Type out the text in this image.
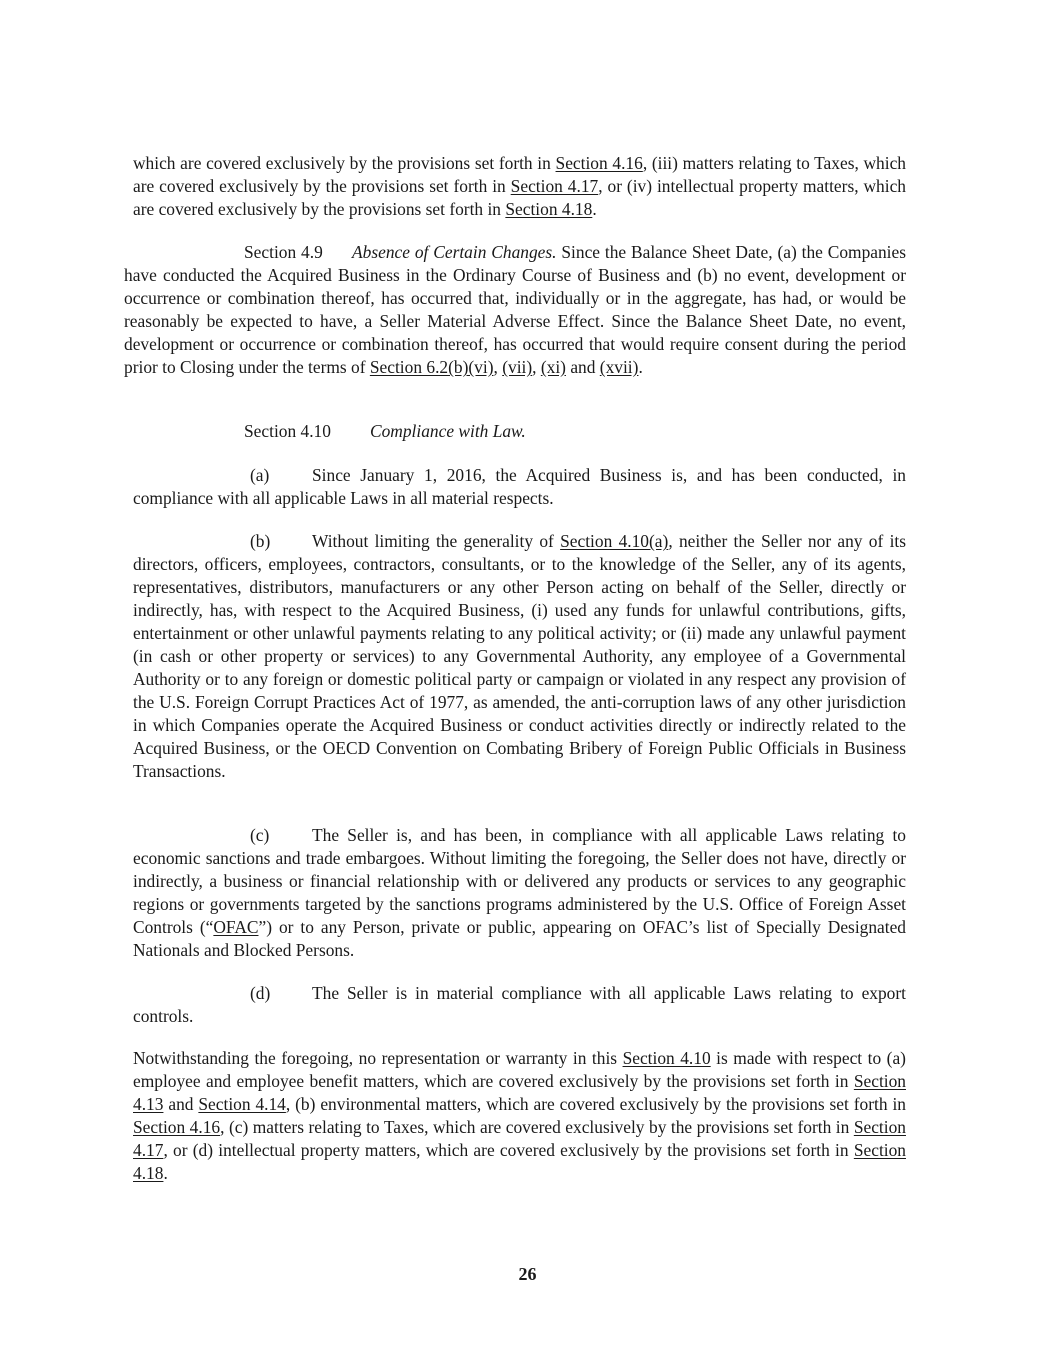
which are covered exclusively by the provisions set forth in Section 4.16, (iii) matters relating to Taxes, which are covered exclusively by the provisions set forth in Section 4.17, or (iv) intellectual property matters, which are covered exclusively by the provisions set forth in Section 4.18.

Section 4.9 Absence of Certain Changes. Since the Balance Sheet Date, (a) the Companies have conducted the Acquired Business in the Ordinary Course of Business and (b) no event, development or occurrence or combination thereof, has occurred that, individually or in the aggregate, has had, or would be reasonably be expected to have, a Seller Material Adverse Effect. Since the Balance Sheet Date, no event, development or occurrence or combination thereof, has occurred that would require consent during the period prior to Closing under the terms of Section 6.2(b)(vi), (vii), (xi) and (xvii).

Section 4.10 Compliance with Law.

(a) Since January 1, 2016, the Acquired Business is, and has been conducted, in compliance with all applicable Laws in all material respects.

(b) Without limiting the generality of Section 4.10(a), neither the Seller nor any of its directors, officers, employees, contractors, consultants, or to the knowledge of the Seller, any of its agents, representatives, distributors, manufacturers or any other Person acting on behalf of the Seller, directly or indirectly, has, with respect to the Acquired Business, (i) used any funds for unlawful contributions, gifts, entertainment or other unlawful payments relating to any political activity; or (ii) made any unlawful payment (in cash or other property or services) to any Governmental Authority, any employee of a Governmental Authority or to any foreign or domestic political party or campaign or violated in any respect any provision of the U.S. Foreign Corrupt Practices Act of 1977, as amended, the anti-corruption laws of any other jurisdiction in which Companies operate the Acquired Business or conduct activities directly or indirectly related to the Acquired Business, or the OECD Convention on Combating Bribery of Foreign Public Officials in Business Transactions.

(c) The Seller is, and has been, in compliance with all applicable Laws relating to economic sanctions and trade embargoes. Without limiting the foregoing, the Seller does not have, directly or indirectly, a business or financial relationship with or delivered any products or services to any geographic regions or governments targeted by the sanctions programs administered by the U.S. Office of Foreign Asset Controls (“OFAC”) or to any Person, private or public, appearing on OFAC’s list of Specially Designated Nationals and Blocked Persons.

(d) The Seller is in material compliance with all applicable Laws relating to export controls.

Notwithstanding the foregoing, no representation or warranty in this Section 4.10 is made with respect to (a) employee and employee benefit matters, which are covered exclusively by the provisions set forth in Section 4.13 and Section 4.14, (b) environmental matters, which are covered exclusively by the provisions set forth in Section 4.16, (c) matters relating to Taxes, which are covered exclusively by the provisions set forth in Section 4.17, or (d) intellectual property matters, which are covered exclusively by the provisions set forth in Section 4.18.

26
